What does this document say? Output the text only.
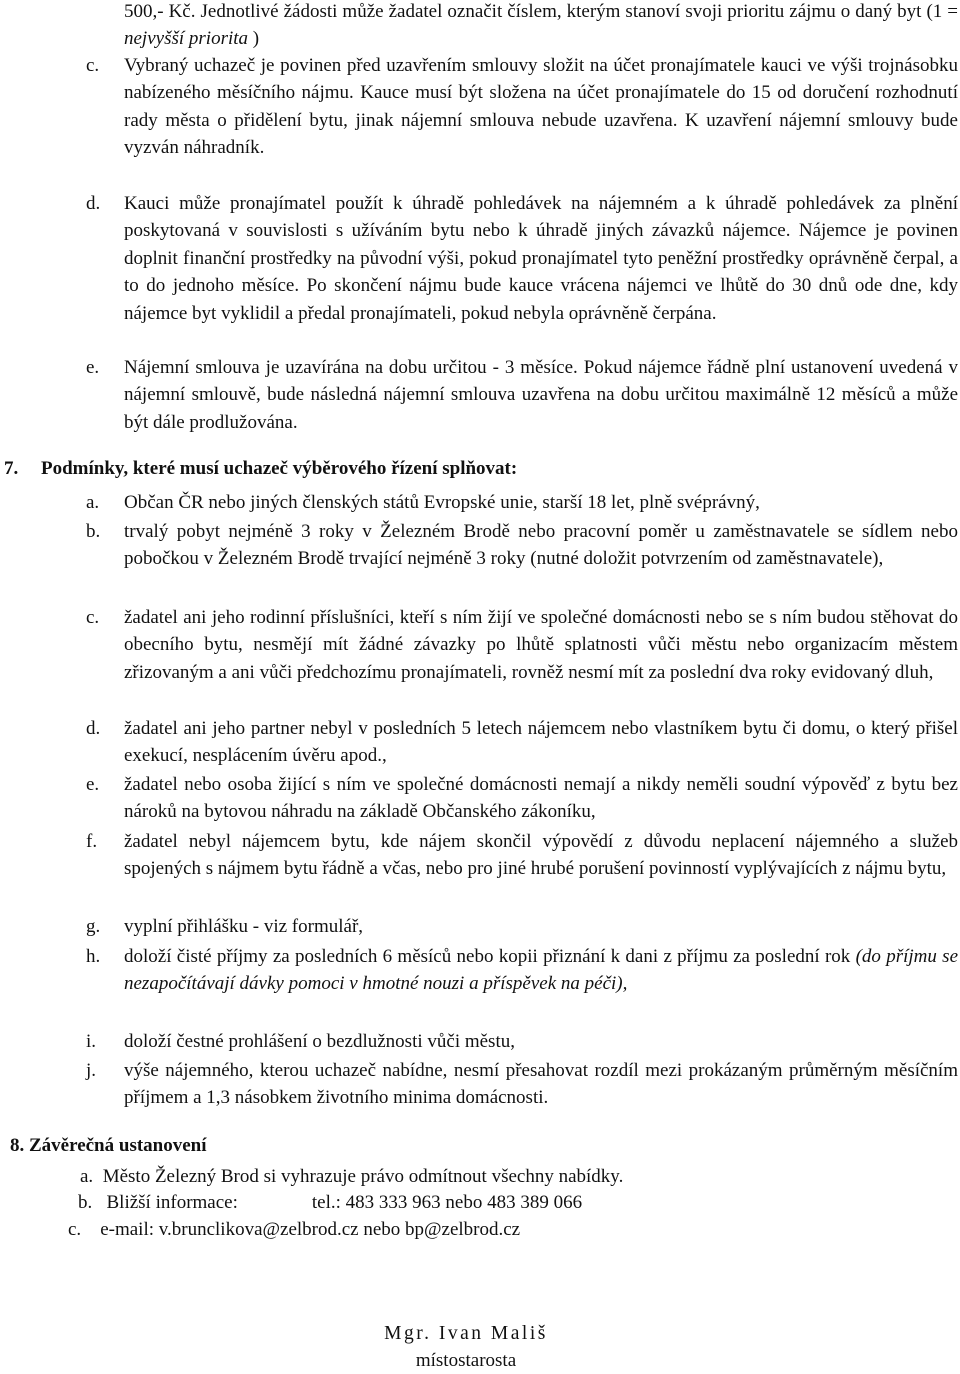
500,- Kč. Jednotlivé žádosti může žadatel označit číslem, kterým stanoví svoji prioritu zájmu o daný byt (1 = nejvyšší priorita )
c. Vybraný uchazeč je povinen před uzavřením smlouvy složit na účet pronajímatele kauci ve výši trojnásobku nabízeného měsíčního nájmu. Kauce musí být složena na účet pronajímatele do 15 od doručení rozhodnutí rady města o přidělení bytu, jinak nájemní smlouva nebude uzavřena. K uzavření nájemní smlouvy bude vyzván náhradník.
d. Kauci může pronajímatel použít k úhradě pohledávek na nájemném a k úhradě pohledávek za plnění poskytovaná v souvislosti s užíváním bytu nebo k úhradě jiných závazků nájemce. Nájemce je povinen doplnit finanční prostředky na původní výši, pokud pronajímatel tyto peněžní prostředky oprávněně čerpal, a to do jednoho měsíce. Po skončení nájmu bude kauce vrácena nájemci ve lhůtě do 30 dnů ode dne, kdy nájemce byt vyklidil a předal pronajímateli, pokud nebyla oprávněně čerpána.
e. Nájemní smlouva je uzavírána na dobu určitou - 3 měsíce. Pokud nájemce řádně plní ustanovení uvedená v nájemní smlouvě, bude následná nájemní smlouva uzavřena na dobu určitou maximálně 12 měsíců a může být dále prodlužována.
7. Podmínky, které musí uchazeč výběrového řízení splňovat:
a. Občan ČR nebo jiných členských států Evropské unie, starší 18 let, plně svéprávný,
b. trvalý pobyt nejméně 3 roky v Železném Brodě nebo pracovní poměr u zaměstnavatele se sídlem nebo pobočkou v Železném Brodě trvající nejméně 3 roky (nutné doložit potvrzením od zaměstnavatele),
c. žadatel ani jeho rodinní příslušníci, kteří s ním žijí ve společné domácnosti nebo se s ním budou stěhovat do obecního bytu, nesmějí mít žádné závazky po lhůtě splatnosti vůči městu nebo organizacím městem zřizovaným a ani vůči předchozímu pronajímateli, rovněž nesmí mít za poslední dva roky evidovaný dluh,
d. žadatel ani jeho partner nebyl v posledních 5 letech nájemcem nebo vlastníkem bytu či domu, o který přišel exekucí, nesplácením úvěru apod.,
e. žadatel nebo osoba žijící s ním ve společné domácnosti nemají a nikdy neměli soudní výpověď z bytu bez nároků na bytovou náhradu na základě Občanského zákoníku,
f. žadatel nebyl nájemcem bytu, kde nájem skončil výpovědí z důvodu neplacení nájemného a služeb spojených s nájmem bytu řádně a včas, nebo pro jiné hrubé porušení povinností vyplývajících z nájmu bytu,
g. vyplní přihlášku - viz formulář,
h. doloží čisté příjmy za posledních 6 měsíců nebo kopii přiznání k dani z příjmu za poslední rok (do příjmu se nezapočítávají dávky pomoci v hmotné nouzi a příspěvek na péči),
i. doloží čestné prohlášení o bezdlužnosti vůči městu,
j. výše nájemného, kterou uchazeč nabídne, nesmí přesahovat rozdíl mezi prokázaným průměrným měsíčním příjmem a 1,3 násobkem životního minima domácnosti.
8. Závěrečná ustanovení
a. Město Železný Brod si vyhrazuje právo odmítnout všechny nabídky.
b. Bližší informace:	tel.: 483 333 963 nebo 483 389 066
c. e-mail: v.brunclikova@zelbrod.cz nebo bp@zelbrod.cz
Mgr. Ivan Mališ
místostarosta
